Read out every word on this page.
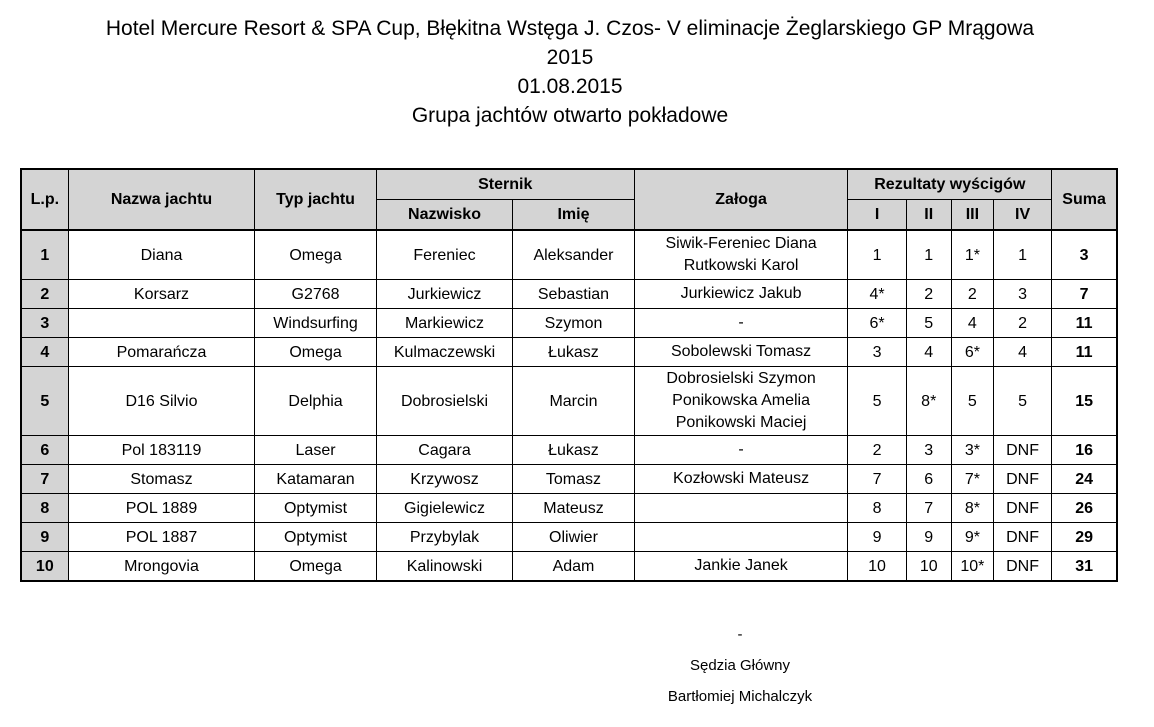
Hotel Mercure Resort & SPA Cup, Błękitna Wstęga J. Czos- V eliminacje Żeglarskiego GP Mrągowa
2015
01.08.2015
Grupa jachtów otwarto pokładowe
L.p.	Nazwa jachtu	Typ jachtu	Sternik		Załoga	Rezultaty wyścigów				Suma
			Nazwisko	Imię		I	II	III	IV	
1	Diana	Omega	Fereniec	Aleksander	Siwik-Fereniec Diana
Rutkowski Karol	1	1	1*	1	3
2	Korsarz	G2768	Jurkiewicz	Sebastian	Jurkiewicz Jakub	4*	2	2	3	7
3		Windsurfing	Markiewicz	Szymon	-	6*	5	4	2	11
4	Pomarańcza	Omega	Kulmaczewski	Łukasz	Sobolewski Tomasz	3	4	6*	4	11
5	D16 Silvio	Delphia	Dobrosielski	Marcin	Dobrosielski Szymon
Ponikowska Amelia
Ponikowski Maciej	5	8*	5	5	15
6	Pol 183119	Laser	Cagara	Łukasz	-	2	3	3*	DNF	16
7	Stomasz	Katamaran	Krzywosz	Tomasz	Kozłowski Mateusz	7	6	7*	DNF	24
8	POL 1889	Optymist	Gigielewicz	Mateusz		8	7	8*	DNF	26
9	POL 1887	Optymist	Przybylak	Oliwier		9	9	9*	DNF	29
10	Mrongovia	Omega	Kalinowski	Adam	Jankie Janek	10	10	10*	DNF	31
-
Sędzia Główny
Bartłomiej Michalczyk
